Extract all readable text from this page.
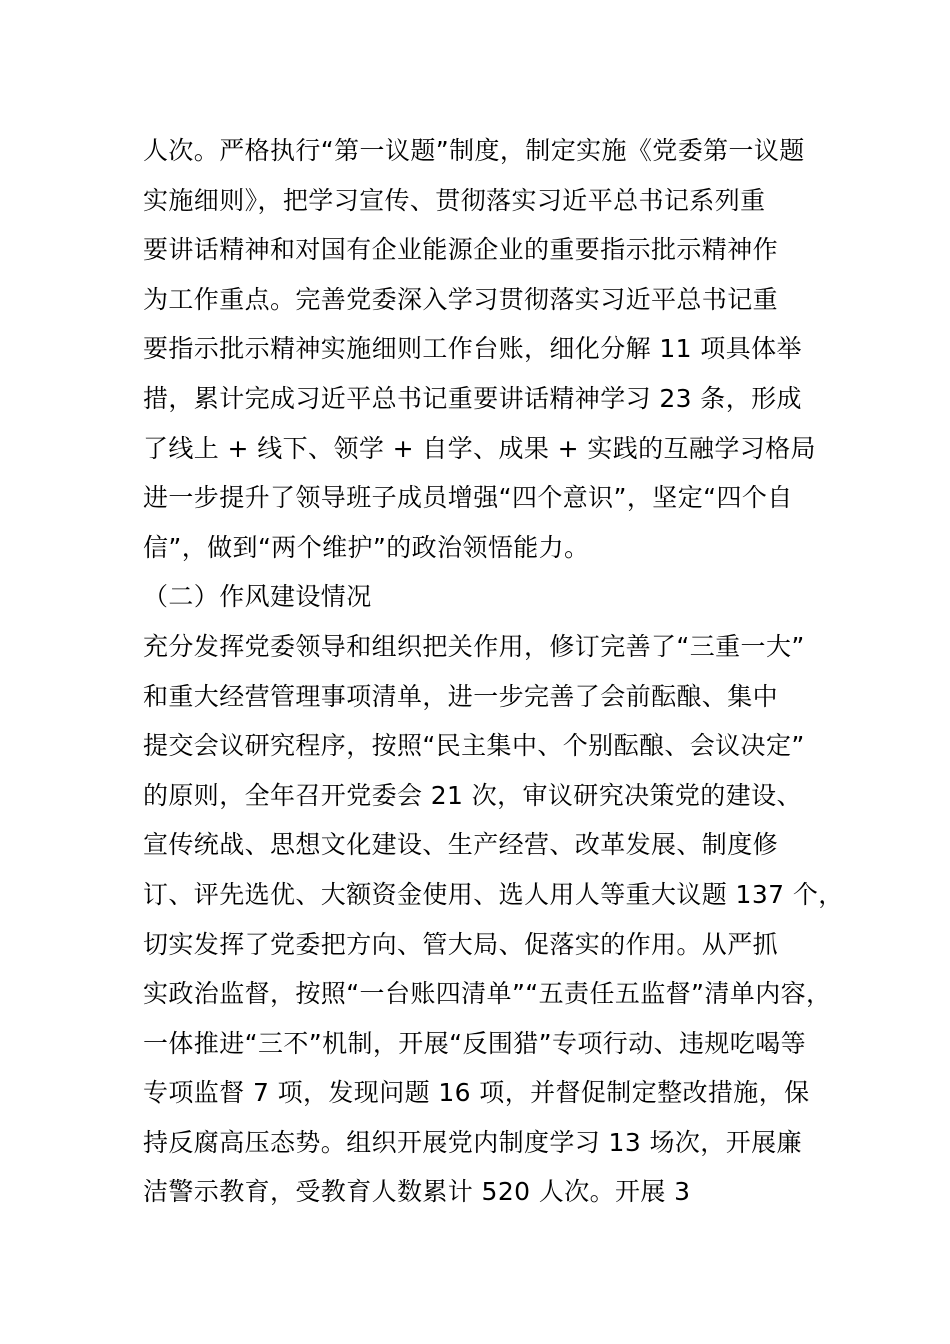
人次。严格执行“第一议题”制度，制定实施《党委第一议题
实施细则》，把学习宣传、贯彻落实习近平总书记系列重
要讲话精神和对国有企业能源企业的重要指示批示精神作
为工作重点。完善党委深入学习贯彻落实习近平总书记重
要指示批示精神实施细则工作台账，细化分解 11 项具体举
措，累计完成习近平总书记重要讲话精神学习 23 条，形成
了线上 + 线下、领学 + 自学、成果 + 实践的互融学习格局
进一步提升了领导班子成员增强“四个意识”，坚定“四个自
信”，做到“两个维护”的政治领悟能力。
（二）作风建设情况
充分发挥党委领导和组织把关作用，修订完善了“三重一大”
和重大经营管理事项清单，进一步完善了会前酝酿、集中
提交会议研究程序，按照“民主集中、个别酝酿、会议决定”
的原则，全年召开党委会 21 次，审议研究决策党的建设、
宣传统战、思想文化建设、生产经营、改革发展、制度修
订、评先选优、大额资金使用、选人用人等重大议题 137 个，
切实发挥了党委把方向、管大局、促落实的作用。从严抓
实政治监督，按照“一台账四清单”“五责任五监督”清单内容，
一体推进“三不”机制，开展“反围猎”专项行动、违规吃喝等
专项监督 7 项，发现问题 16 项，并督促制定整改措施，保
持反腐高压态势。组织开展党内制度学习 13 场次，开展廉
洁警示教育，受教育人数累计 520 人次。开展 3
